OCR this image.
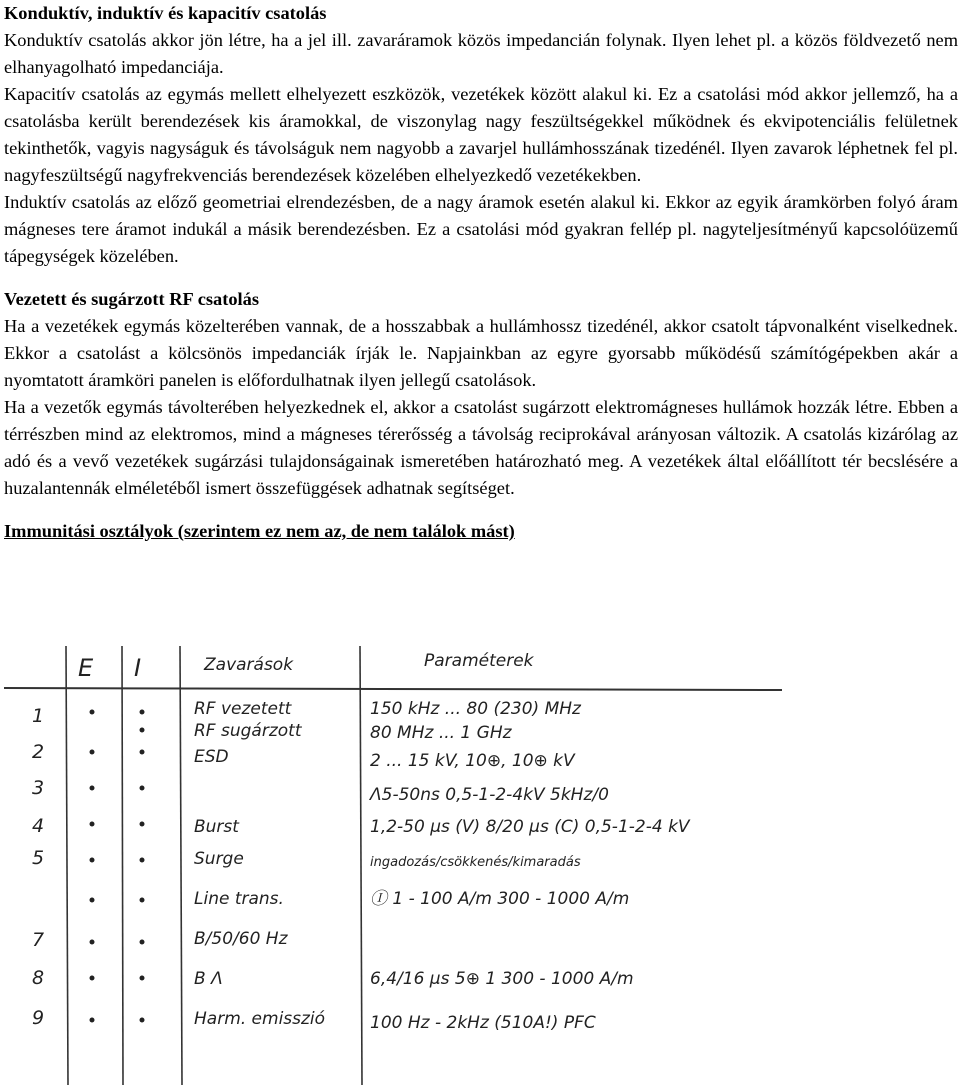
Konduktív, induktív és kapacitív csatolás

Konduktív csatolás akkor jön létre, ha a jel ill. zavaráramok közös impedancián folynak. Ilyen lehet pl. a közös földvezető nem elhanyagolható impedanciája.

Kapacitív csatolás az egymás mellett elhelyezett eszközök, vezetékek között alakul ki. Ez a csatolási mód akkor jellemző, ha a csatolásba került berendezések kis áramokkal, de viszonylag nagy feszültségekkel működnek és ekvipotenciális felületnek tekinthetők, vagyis nagyságuk és távolságuk nem nagyobb a zavarjel hullámhosszának tizedénél. Ilyen zavarok léphetnek fel pl. nagyfeszültségű nagyfrekvenciás berendezések közelében elhelyezkedő vezetékekben.

Induktív csatolás az előző geometriai elrendezésben, de a nagy áramok esetén alakul ki. Ekkor az egyik áramkörben folyó áram mágneses tere áramot indukál a másik berendezésben. Ez a csatolási mód gyakran fellép pl. nagyteljesítményű kapcsolóüzemű tápegységek közelében.

Vezetett és sugárzott RF csatolás

Ha a vezetékek egymás közelterében vannak, de a hosszabbak a hullámhossz tizedénél, akkor csatolt tápvonalként viselkednek. Ekkor a csatolást a kölcsönös impedanciák írják le. Napjainkban az egyre gyorsabb működésű számítógépekben akár a nyomtatott áramköri panelen is előfordulhatnak ilyen jellegű csatolások.

Ha a vezetők egymás távolterében helyezkednek el, akkor a csatolást sugárzott elektromágneses hullámok hozzák létre. Ebben a térrészben mind az elektromos, mind a mágneses térerősség a távolság reciprokával arányosan változik. A csatolás kizárólag az adó és a vevő vezetékek sugárzási tulajdonságainak ismeretében határozható meg. A vezetékek által előállított tér becslésére a huzalantennák elméletéből ismert összefüggések adhatnak segítséget.

Immunitási osztályok (szerintem ez nem az, de nem találok mást)
E I	Zavarások	Paraméterek
1
2
3
4
5
7
8
9
RF vezetett
RF sugárzott
ESD
Burst
Surge
Line trans.
B/50/60 Hz
B Λ
Harm. emisszió
150 kHz ... 80 (230) MHz
80 MHz ... 1 GHz
2 ... 15 kV, 10⊕, 10⊕ kV
Λ5-50ns 0,5-1-2-4kV 5kHz/0
1,2-50 µs (V) 8/20 µs (C) 0,5-1-2-4 kV
ingadozás/csökkenés/kimaradás
Ⓘ 1 - 100 A/m 300 - 1000 A/m
6,4/16 µs 5⊕ 1 300 - 1000 A/m
100 Hz - 2kHz (510A!) PFC
